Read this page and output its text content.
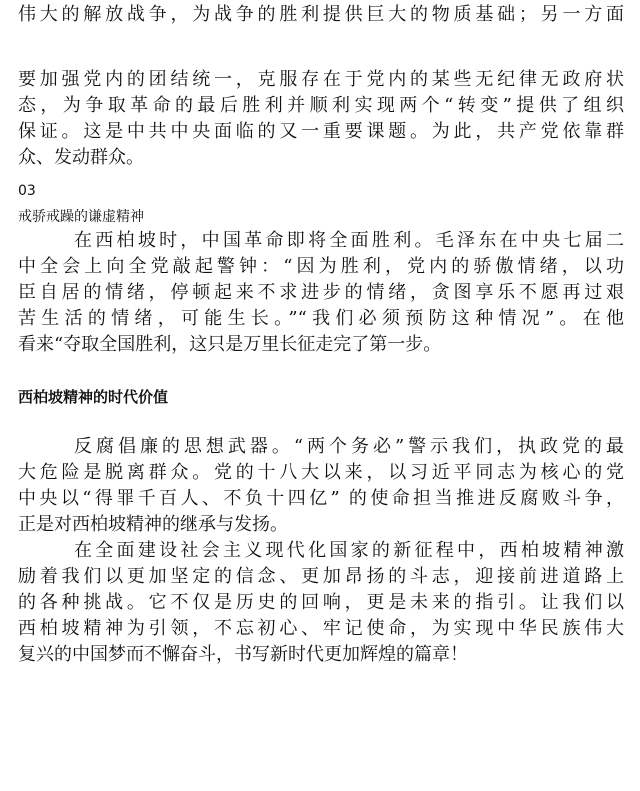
伟大的解放战争，为战争的胜利提供巨大的物质基础；另一方面
要加强党内的团结统一，克服存在于党内的某些无纪律无政府状
态，为争取革命的最后胜利并顺利实现两个“转变”提供了组织
保证。这是中共中央面临的又一重要课题。为此，共产党依靠群
众、发动群众。
03
戒骄戒躁的谦虚精神
在西柏坡时，中国革命即将全面胜利。毛泽东在中央七届二
中全会上向全党敲起警钟：“因为胜利，党内的骄傲情绪，以功
臣自居的情绪，停顿起来不求进步的情绪，贪图享乐不愿再过艰
苦生活的情绪，可能生长。”“我们必须预防这种情况”。在他
看来“夺取全国胜利，这只是万里长征走完了第一步。
西柏坡精神的时代价值
反腐倡廉的思想武器。“两个务必”警示我们，执政党的最
大危险是脱离群众。党的十八大以来，以习近平同志为核心的党
中央以“得罪千百人、不负十四亿” 的使命担当推进反腐败斗争，
正是对西柏坡精神的继承与发扬。
在全面建设社会主义现代化国家的新征程中，西柏坡精神激
励着我们以更加坚定的信念、更加昂扬的斗志，迎接前进道路上
的各种挑战。它不仅是历史的回响，更是未来的指引。让我们以
西柏坡精神为引领，不忘初心、牢记使命，为实现中华民族伟大
复兴的中国梦而不懈奋斗，书写新时代更加辉煌的篇章！
